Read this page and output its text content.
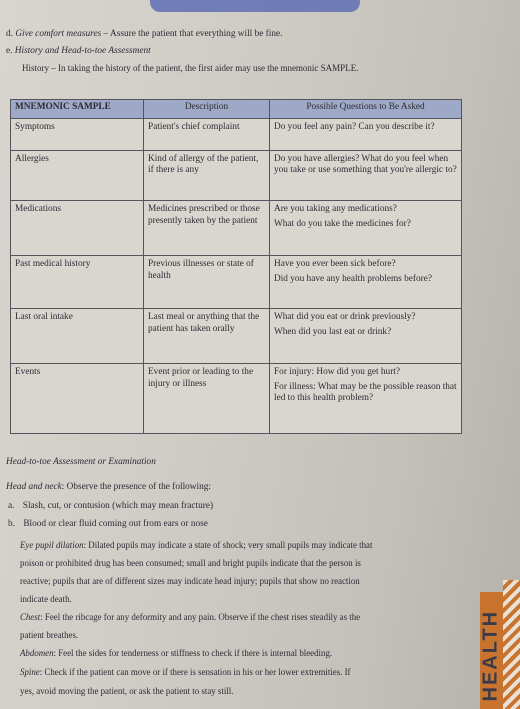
d. Give comfort measures – Assure the patient that everything will be fine.
e. History and Head-to-toe Assessment
History – In taking the history of the patient, the first aider may use the mnemonic SAMPLE.
MNEMONIC SAMPLE	Description	Possible Questions to Be Asked
Symptoms	Patient's chief complaint	Do you feel any pain? Can you describe it?

Allergies	Kind of allergy of the patient, if there is any	Do you have allergies? What do you feel when you take or use something that you're allergic to?

Medications	Medicines prescribed or those presently taken by the patient	Are you taking any medications?
What do you take the medicines for?

Past medical history	Previous illnesses or state of health	Have you ever been sick before?
Did you have any health problems before?

Last oral intake	Last meal or anything that the patient has taken orally	What did you eat or drink previously?
When did you last eat or drink?

Events	Event prior or leading to the injury or illness	For injury: How did you get hurt?
For illness: What may be the possible reason that led to this health problem?
Head-to-toe Assessment or Examination
Head and neck: Observe the presence of the following:
a. Slash, cut, or contusion (which may mean fracture)
b. Blood or clear fluid coming out from ears or nose
Eye pupil dilation: Dilated pupils may indicate a state of shock; very small pupils may indicate that
poison or prohibited drug has been consumed; small and bright pupils indicate that the person is
reactive; pupils that are of different sizes may indicate head injury; pupils that show no reaction
indicate death.
Chest: Feel the ribcage for any deformity and any pain. Observe if the chest rises steadily as the
patient breathes.
Abdomen: Feel the sides for tenderness or stiffness to check if there is internal bleeding.
Spine: Check if the patient can move or if there is sensation in his or her lower extremities. If
yes, avoid moving the patient, or ask the patient to stay still.	HEALTH
